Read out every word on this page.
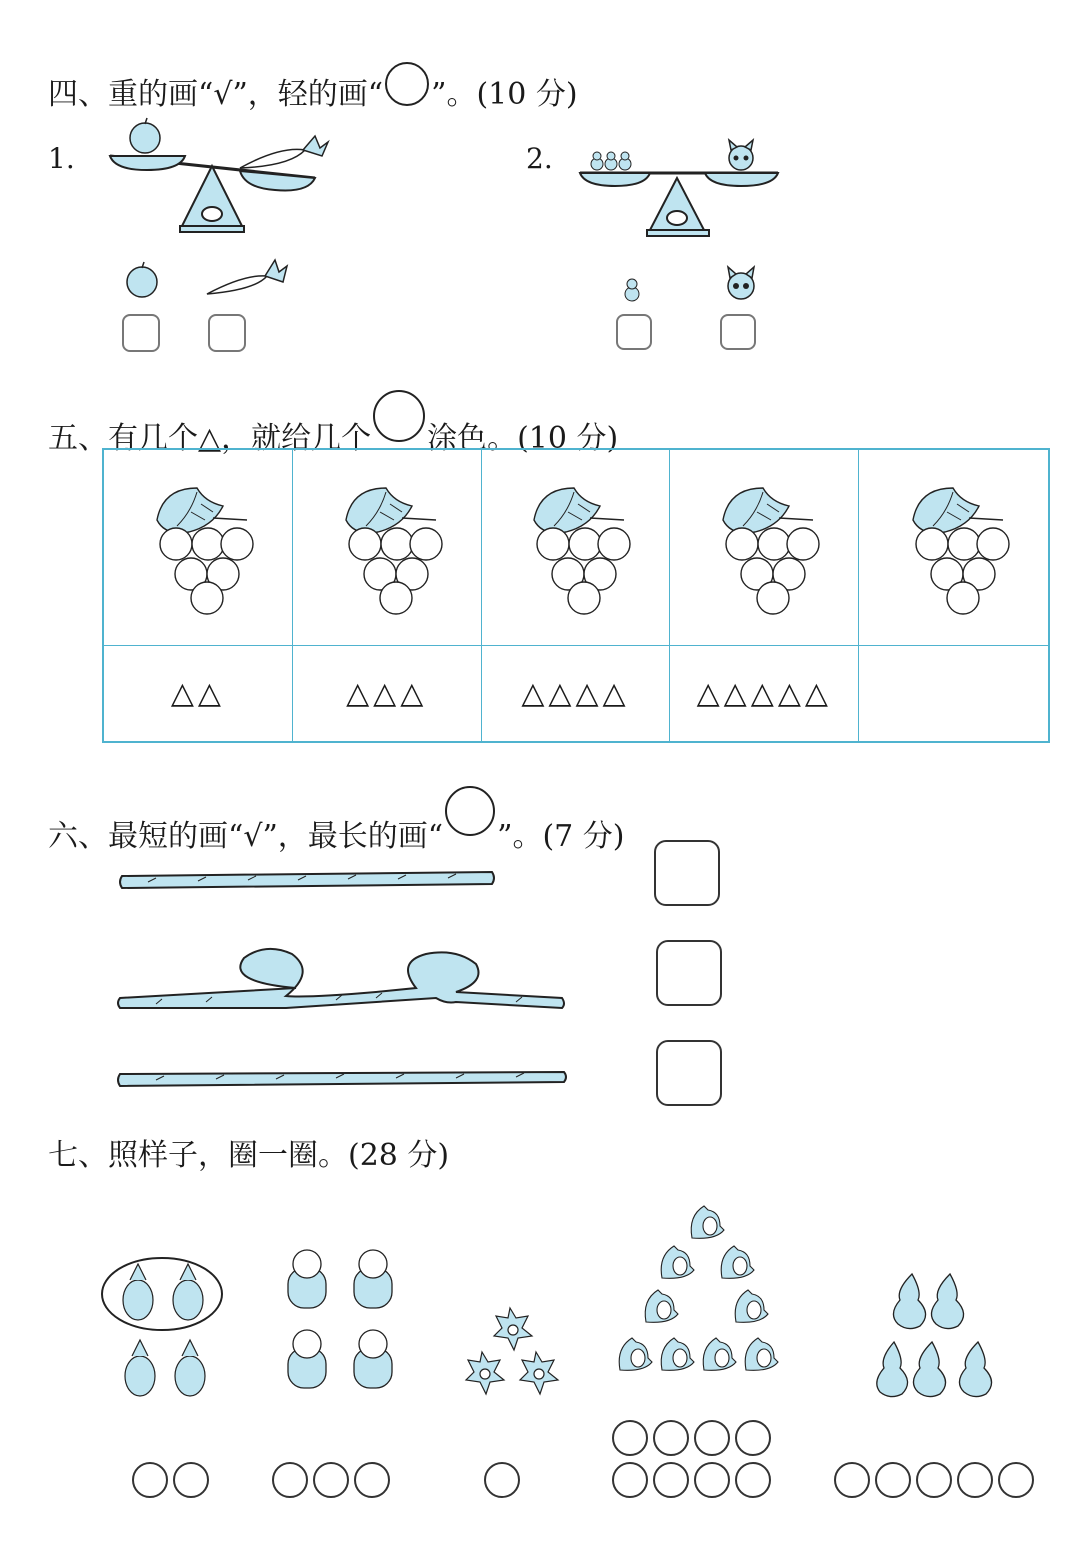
四、重的画“√”，轻的画“ ”。(10 分)
1.	2.
五、有几个△，就给几个 涂色。(10 分)
△△	△△△	△△△△	△△△△△
六、最短的画“√”，最长的画“ ”。(7 分)
七、照样子，圈一圈。(28 分)
